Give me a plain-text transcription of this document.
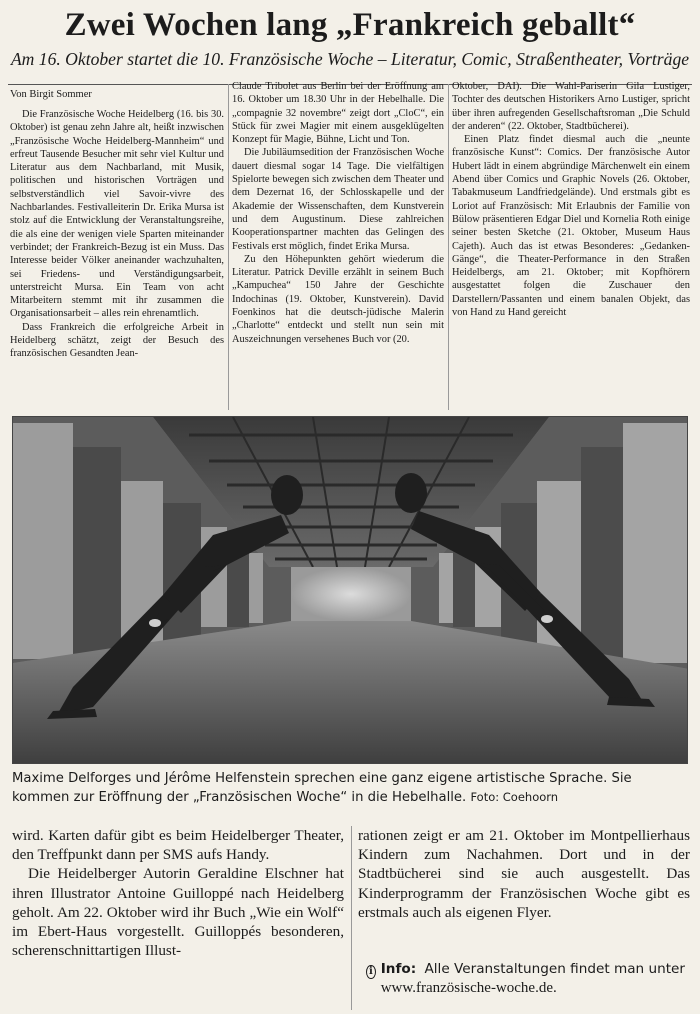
Zwei Wochen lang „Frankreich geballt“
Am 16. Oktober startet die 10. Französische Woche – Literatur, Comic, Straßentheater, Vorträge
Von Birgit Sommer

Die Französische Woche Heidelberg (16. bis 30. Oktober) ist genau zehn Jahre alt, heißt inzwischen „Französische Woche Heidelberg-Mannheim“ und erfreut Tausende Besucher mit sehr viel Kultur und Literatur aus dem Nachbarland, mit Musik, politischen und historischen Vorträgen und selbstverständlich viel Savoir-vivre des Nachbarlandes. Festivalleiterin Dr. Erika Mursa ist stolz auf die Entwicklung der Veranstaltungsreihe, die als eine der wenigen viele Sparten miteinander verbindet; der Frankreich-Bezug ist ein Muss. Das Interesse beider Völker aneinander wachzuhalten, sei Friedens- und Verständigungsarbeit, unterstreicht Mursa. Ein Team von acht Mitarbeitern stemmt mit ihr zusammen die Organisationsarbeit – alles rein ehrenamtlich.

Dass Frankreich die erfolgreiche Arbeit in Heidelberg schätzt, zeigt der Besuch des französischen Gesandten Jean-

Claude Tribolet aus Berlin bei der Eröffnung am 16. Oktober um 18.30 Uhr in der Hebelhalle. Die „compagnie 32 novembre“ zeigt dort „CloC“, ein Stück für zwei Magier mit einem ausgeklügelten Konzept für Magie, Bühne, Licht und Ton.

Die Jubiläumsedition der Französischen Woche dauert diesmal sogar 14 Tage. Die vielfältigen Spielorte bewegen sich zwischen dem Theater und dem Dezernat 16, der Schlosskapelle und der Akademie der Wissenschaften, dem Kunstverein und dem Augustinum. Diese zahlreichen Kooperationspartner machten das Gelingen des Festivals erst möglich, findet Erika Mursa.

Zu den Höhepunkten gehört wiederum die Literatur. Patrick Deville erzählt in seinem Buch „Kampuchea“ 150 Jahre der Geschichte Indochinas (19. Oktober, Kunstverein). David Foenkinos hat die deutsch-jüdische Malerin „Charlotte“ entdeckt und stellt nun sein mit Auszeichnungen versehenes Buch vor (20.

Oktober, DAI). Die Wahl-Pariserin Gila Lustiger, Tochter des deutschen Historikers Arno Lustiger, spricht über ihren aufregenden Gesellschaftsroman „Die Schuld der anderen“ (22. Oktober, Stadtbücherei).

Einen Platz findet diesmal auch die „neunte französische Kunst“: Comics. Der französische Autor Hubert lädt in einem abgründige Märchenwelt ein einem Abend über Comics und Graphic Novels (26. Oktober, Tabakmuseum Landfriedgelände). Und erstmals gibt es Loriot auf Französisch: Mit Erlaubnis der Familie von Bülow präsentieren Edgar Diel und Kornelia Roth einige seiner besten Sketche (21. Oktober, Museum Haus Cajeth). Auch das ist etwas Besonderes: „Gedanken-Gänge“, die Theater-Performance in den Straßen Heidelbergs, am 21. Oktober; mit Kopfhörern ausgestattet folgen die Zuschauer den Darstellern/Passanten und einem banalen Objekt, das von Hand zu Hand gereicht

Maxime Delforges und Jérôme Helfenstein sprechen eine ganz eigene artistische Sprache. Sie kommen zur Eröffnung der „Französischen Woche“ in die Hebelhalle. Foto: Coehoorn

wird. Karten dafür gibt es beim Heidelberger Theater, den Treffpunkt dann per SMS aufs Handy.

Die Heidelberger Autorin Geraldine Elschner hat ihren Illustrator Antoine Guilloppé nach Heidelberg geholt. Am 22. Oktober wird ihr Buch „Wie ein Wolf“ im Ebert-Haus vorgestellt. Guilloppés besonderen, scherenschnittartigen Illust-

rationen zeigt er am 21. Oktober im Montpellierhaus Kindern zum Nachahmen. Dort und in der Stadtbücherei sind sie auch ausgestellt. Das Kinderprogramm der Französischen Woche gibt es erstmals auch als eigenen Flyer.

i Info: Alle Veranstaltungen findet man unter www.französische-woche.de.
